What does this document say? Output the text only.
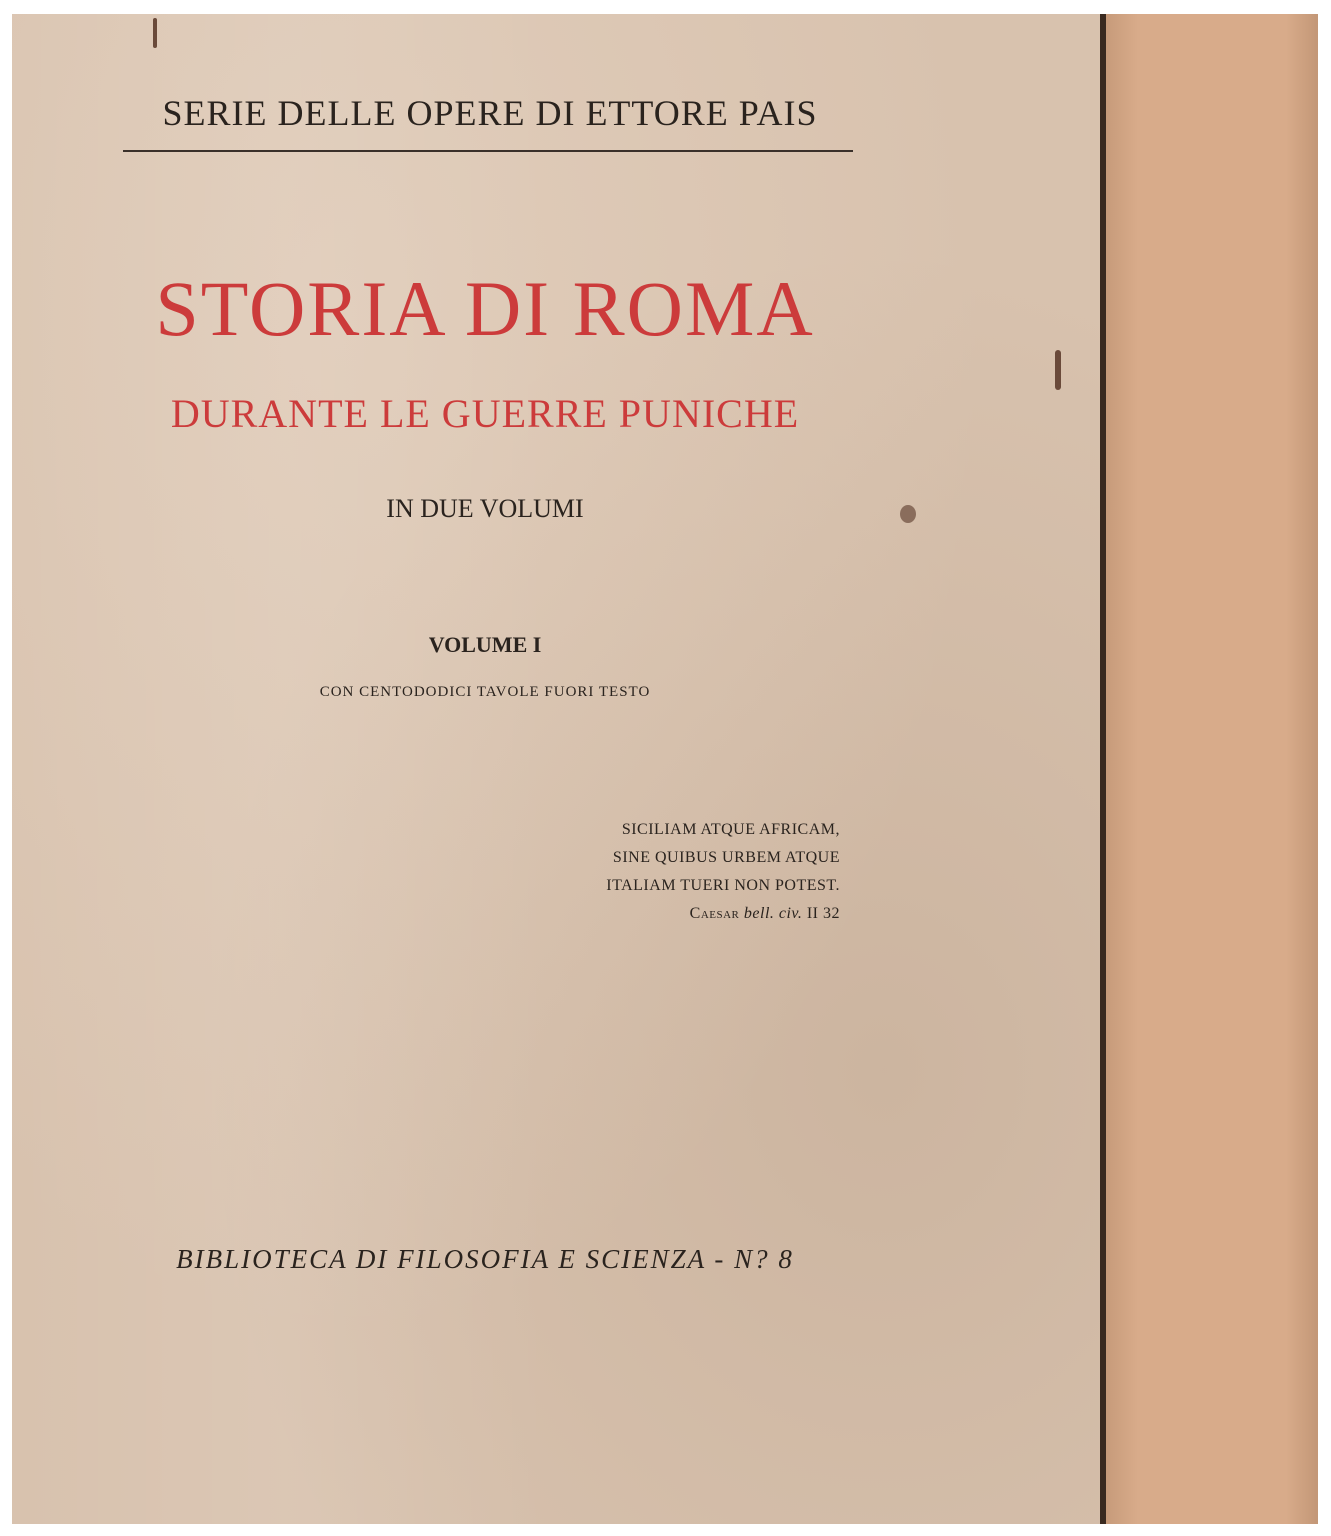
SERIE DELLE OPERE DI ETTORE PAIS
STORIA DI ROMA
DURANTE LE GUERRE PUNICHE
IN DUE VOLUMI
VOLUME I
CON CENTODODICI TAVOLE FUORI TESTO
SICILIAM ATQUE AFRICAM,
SINE QUIBUS URBEM ATQUE
ITALIAM TUERI NON POTEST.
Caesar bell. civ. II 32
BIBLIOTECA DI FILOSOFIA E SCIENZA - N? 8
